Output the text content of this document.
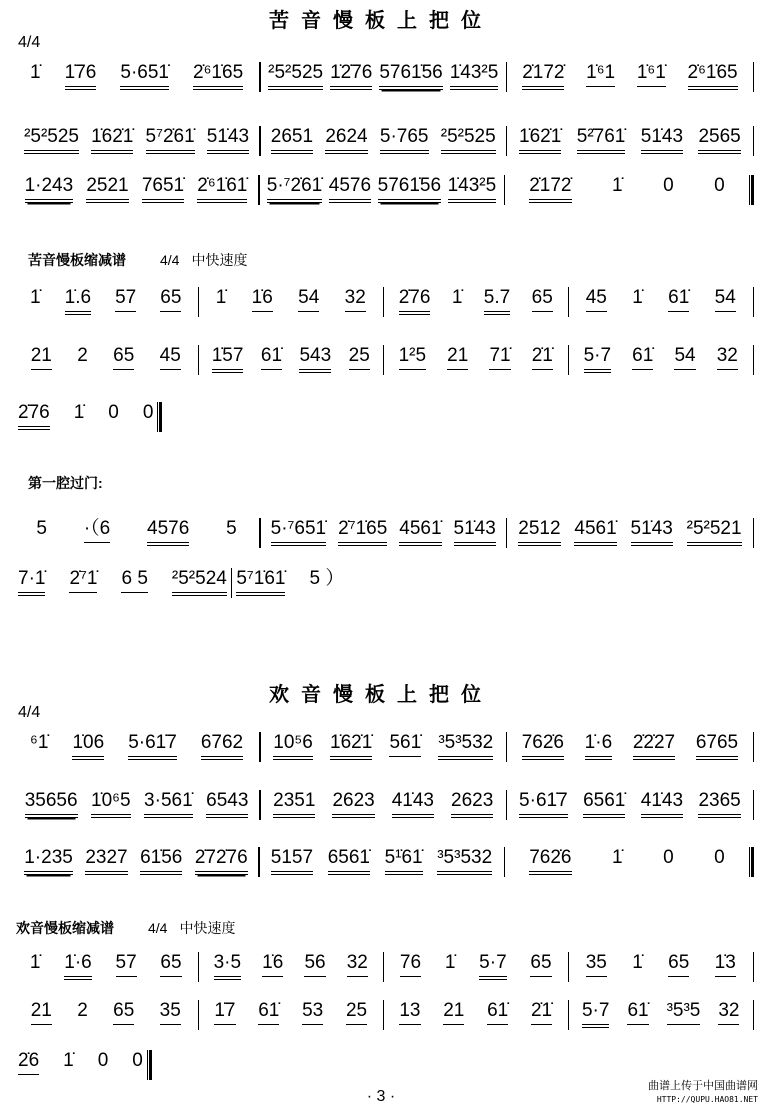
苦音慢板上把位
4/4
1̇ 1̇76 5·651̇ 2̇⁶1̇65 ²5²525 1̇2̇76 5761̇56 1̇43²5 2̇172̇ 1̇⁶1 1̇⁶1̇ 2̇⁶1̇65
²5²525 1̇62̇1̇ 5⁷2̇61̇ 51̇43 2651 2624 5·765 ²5²525 1̇62̇1̇ 5²̇761̇ 51̇43 2565
1·243 2521 7651̇ 2̇⁶1̇61̇ 5·⁷2̇61̇ 4576 5761̇56 1̇43²5 2̇172̇ 1̇ 0 0
苦音慢板缩减谱 4/4 中快速度
1̇ 1̇.6 57 65 1̇ 1̇6 54 32 2̇76 1̇ 5.7 65 45 1̇ 61̇ 54
21 2 65 45 1̇57 61̇ 543 25 1²5 21 71̇ 2̇1̇ 5·7 61̇ 54 32
2̇76 1̇ 0 0
第一腔过门:
5 ·（6 4576 5 5·⁷651̇ 2̇⁷1̇65 4561̇ 51̇43 2512 4561̇ 51̇43 ²5²521
7·1̇ 2̇⁷1̇ 6 5 ²5²524 5⁷1̇61̇ 5 ）
欢音慢板上把位
4/4
⁶1̇ 1̇06 5·61̇7 6762 10⁵6 1̇62̇1̇ 561̇ ³5³532 762̇6 1̇·6 2̇2̇27 6765
35656 1̇0⁶5 3·561̇ 6543 2351 2623 41̇43 2623 5·61̇7 6561̇ 41̇43 2365
1·235 2327 61̇56 2̇72̇76 5157 6561̇ 5¹̇61̇ ³5³532 762̇6 1̇ 0 0
欢音慢板缩减谱 4/4 中快速度
1̇ 1̇·6 57 65 3·5 1̇6 56 32 76 1̇ 5·7 65 35 1̇ 65 1̇3
21 2 65 35 1̇7 61̇ 53 25 13 21 61̇ 2̇1̇ 5·7 61̇ ³5³5 32
2̇6 1̇ 0 0
· 3 ·
曲谱上传于中国曲谱网
HTTP://QUPU.HAO81.NET
